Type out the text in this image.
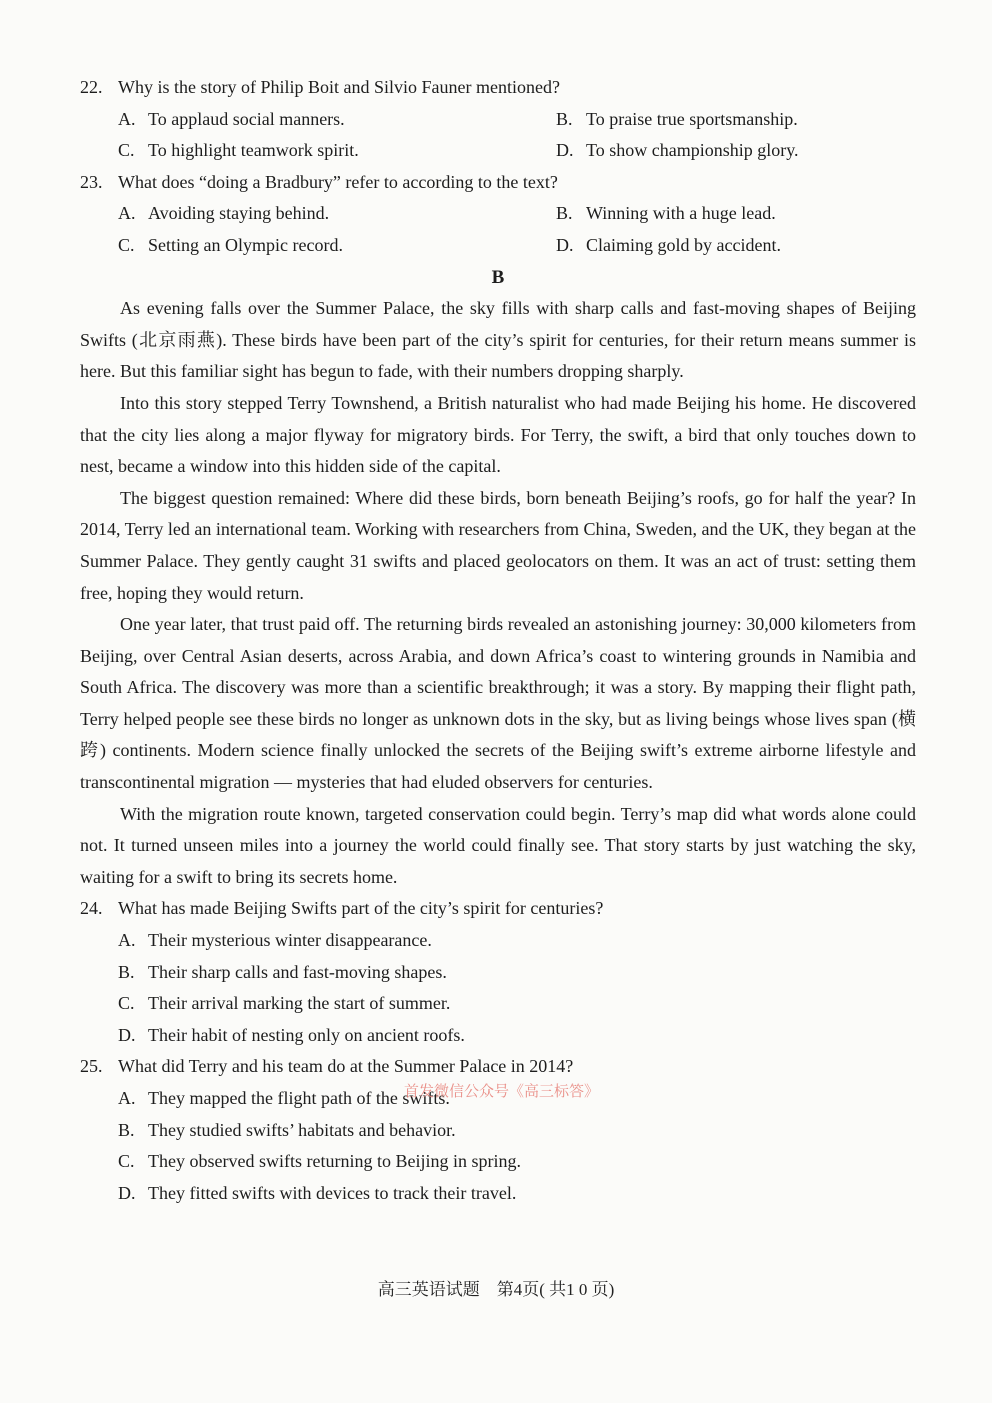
22. Why is the story of Philip Boit and Silvio Fauner mentioned?
A. To applaud social manners.	B. To praise true sportsmanship.
C. To highlight teamwork spirit.	D. To show championship glory.
23. What does “doing a Bradbury” refer to according to the text?
A. Avoiding staying behind.	B. Winning with a huge lead.
C. Setting an Olympic record.	D. Claiming gold by accident.
B

As evening falls over the Summer Palace, the sky fills with sharp calls and fast-moving shapes of Beijing Swifts (北京雨燕). These birds have been part of the city’s spirit for centuries, for their return means summer is here. But this familiar sight has begun to fade, with their numbers dropping sharply.

Into this story stepped Terry Townshend, a British naturalist who had made Beijing his home. He discovered that the city lies along a major flyway for migratory birds. For Terry, the swift, a bird that only touches down to nest, became a window into this hidden side of the capital.

The biggest question remained: Where did these birds, born beneath Beijing’s roofs, go for half the year? In 2014, Terry led an international team. Working with researchers from China, Sweden, and the UK, they began at the Summer Palace. They gently caught 31 swifts and placed geolocators on them. It was an act of trust: setting them free, hoping they would return.

One year later, that trust paid off. The returning birds revealed an astonishing journey: 30,000 kilometers from Beijing, over Central Asian deserts, across Arabia, and down Africa’s coast to wintering grounds in Namibia and South Africa. The discovery was more than a scientific breakthrough; it was a story. By mapping their flight path, Terry helped people see these birds no longer as unknown dots in the sky, but as living beings whose lives span (横跨) continents. Modern science finally unlocked the secrets of the Beijing swift’s extreme airborne lifestyle and transcontinental migration — mysteries that had eluded observers for centuries.

With the migration route known, targeted conservation could begin. Terry’s map did what words alone could not. It turned unseen miles into a journey the world could finally see. That story starts by just watching the sky, waiting for a swift to bring its secrets home.

24. What has made Beijing Swifts part of the city’s spirit for centuries?
A. Their mysterious winter disappearance.
B. Their sharp calls and fast-moving shapes.
C. Their arrival marking the start of summer.
D. Their habit of nesting only on ancient roofs.
25. What did Terry and his team do at the Summer Palace in 2014?
A. They mapped the flight path of the swifts.
B. They studied swifts’ habitats and behavior.
C. They observed swifts returning to Beijing in spring.
D. They fitted swifts with devices to track their travel.
首发微信公众号《高三标答》
高三英语试题　第4页( 共1 0 页)
